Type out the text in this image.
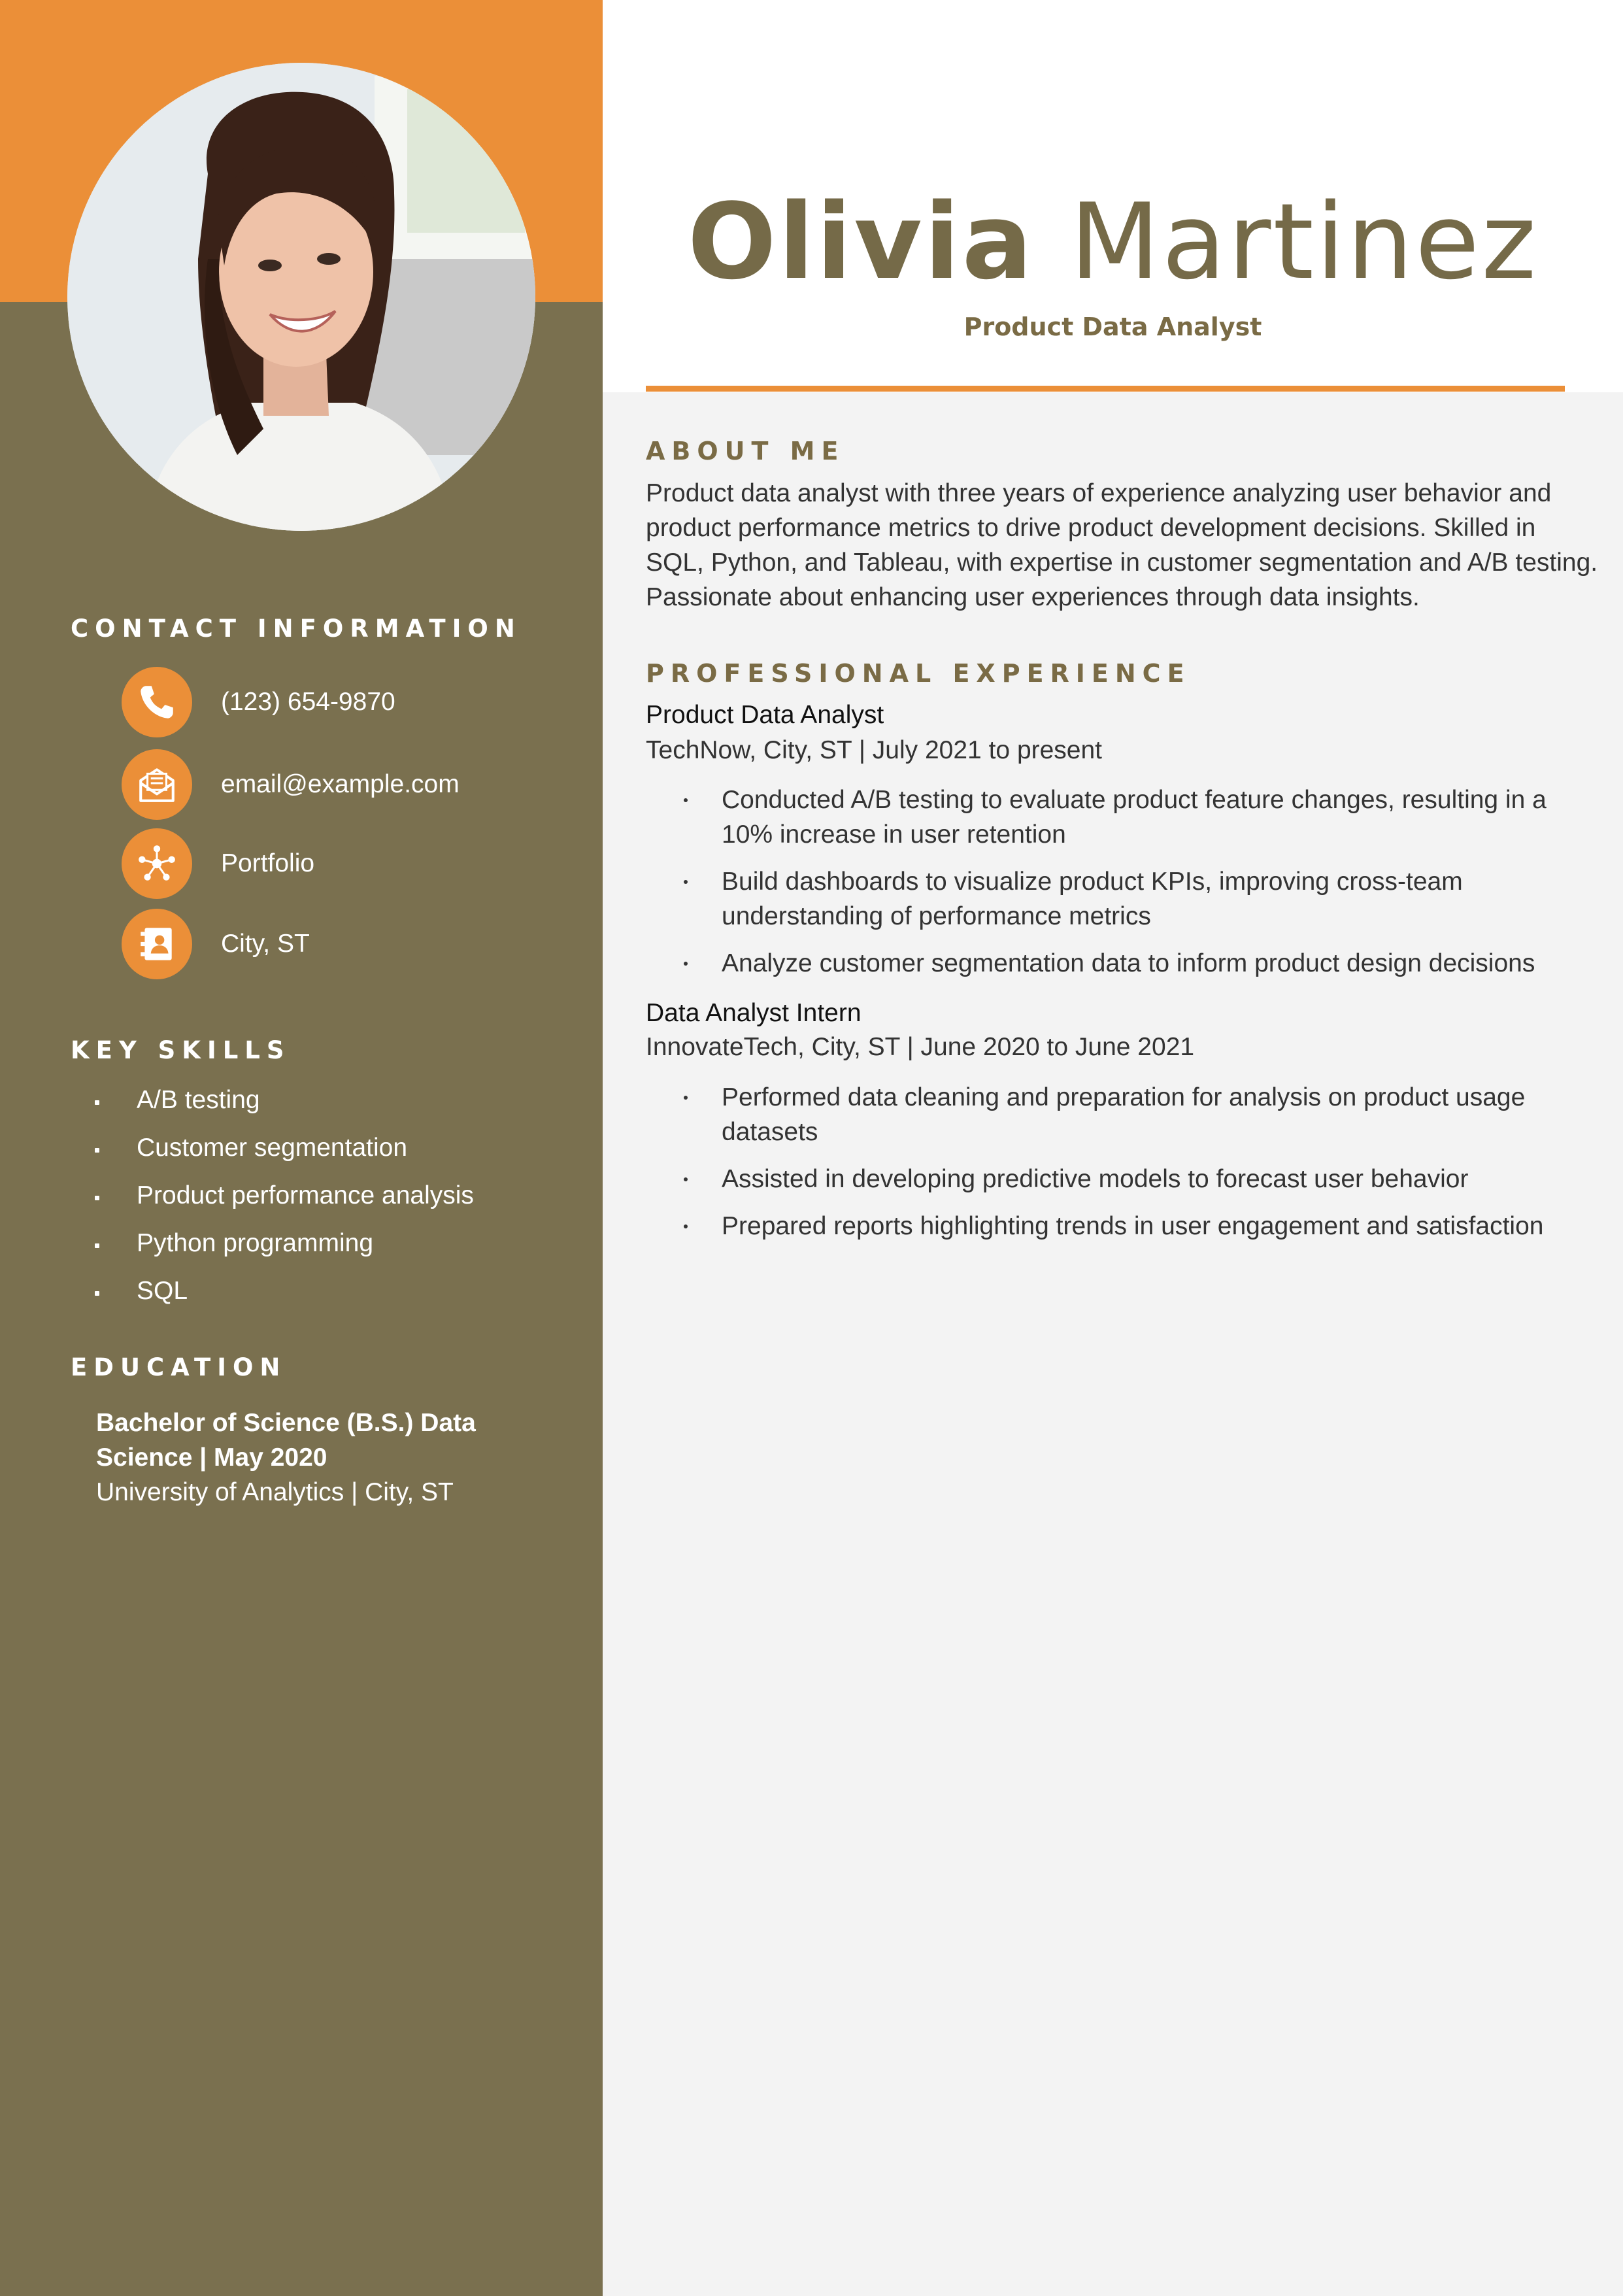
CONTACT INFORMATION
(123) 654-9870
email@example.com
Portfolio
City, ST
KEY SKILLS
A/B testing
Customer segmentation
Product performance analysis
Python programming
SQL
EDUCATION
Bachelor of Science (B.S.) Data Science | May 2020
University of Analytics | City, ST
Olivia Martinez
Product Data Analyst
ABOUT ME
Product data analyst with three years of experience analyzing user behavior and product performance metrics to drive product development decisions. Skilled in SQL, Python, and Tableau, with expertise in customer segmentation and A/B testing. Passionate about enhancing user experiences through data insights.
PROFESSIONAL EXPERIENCE
Product Data Analyst
TechNow, City, ST | July 2021 to present
Conducted A/B testing to evaluate product feature changes, resulting in a 10% increase in user retention
Build dashboards to visualize product KPIs, improving cross-team understanding of performance metrics
Analyze customer segmentation data to inform product design decisions
Data Analyst Intern
InnovateTech, City, ST | June 2020 to June 2021
Performed data cleaning and preparation for analysis on product usage datasets
Assisted in developing predictive models to forecast user behavior
Prepared reports highlighting trends in user engagement and satisfaction
